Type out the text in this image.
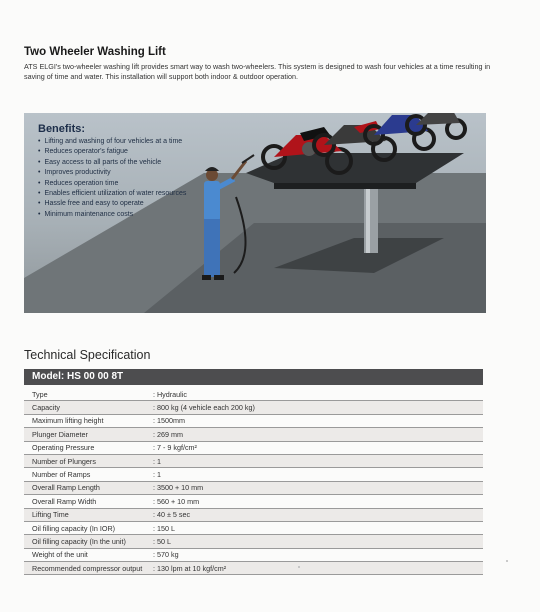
Two Wheeler Washing Lift
ATS ELGI's two-wheeler washing lift provides smart way to wash two-wheelers. This system is designed to wash four vehicles at a time resulting in saving of time and water. This installation will support both indoor & outdoor operation.
Benefits:
• Lifting and washing of four vehicles at a time
• Reduces operator's fatigue
• Easy access to all parts of the vehicle
• Improves productivity
• Reduces operation time
• Enables efficient utilization of water resources
• Hassle free and easy to operate
• Minimum maintenance costs
Technical Specification
Model: HS 00 00 8T
Type	: Hydraulic
Capacity	: 800 kg (4 vehicle each 200 kg)
Maximum lifting height	: 1500mm
Plunger Diameter	: 269 mm
Operating Pressure	: 7 - 9 kgf/cm²
Number of Plungers	: 1
Number of Ramps	: 1
Overall Ramp Length	: 3500 + 10 mm
Overall Ramp Width	: 560 + 10 mm
Lifting Time	: 40 ± 5 sec
Oil filling capacity (In IOR)	: 150 L
Oil filling capacity (In the unit)	: 50 L
Weight of the unit	: 570 kg
Recommended compressor output	: 130 lpm at 10 kgf/cm²
